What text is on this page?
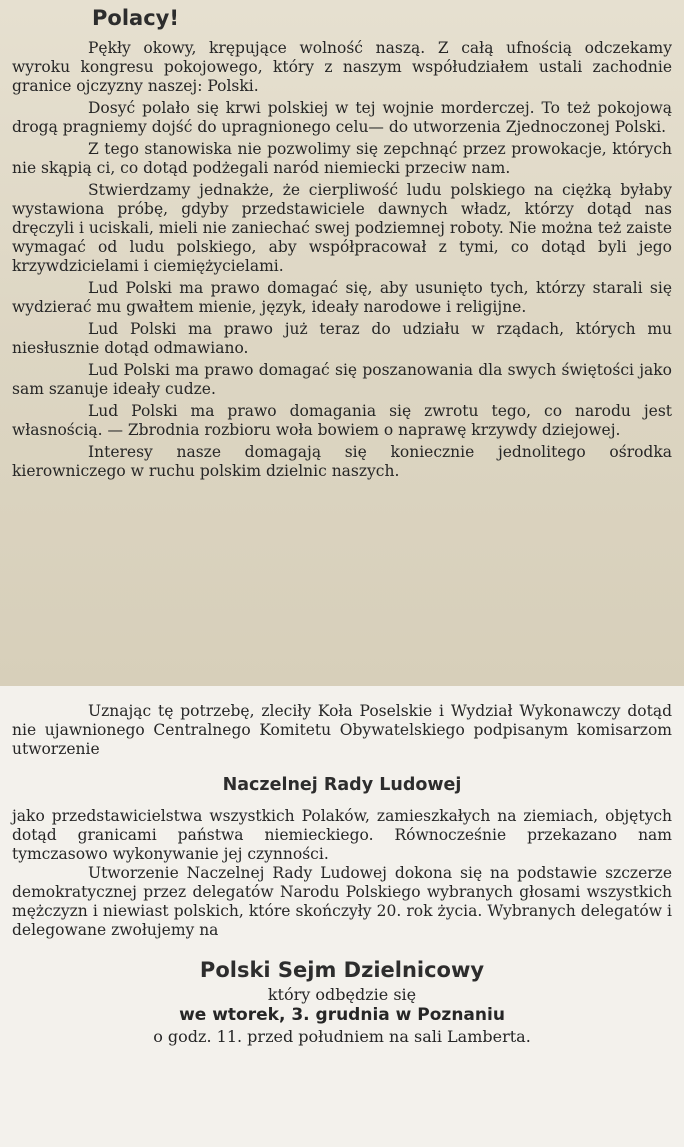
Polacy!

Pękły okowy, krępujące wolność naszą. Z całą ufnością odczekamy wyroku kongresu pokojowego, który z naszym współudziałem ustali zachodnie granice ojczyzny naszej: Polski.

Dosyć polało się krwi polskiej w tej wojnie morderczej. To też pokojową drogą pragniemy dojść do upragnionego celu— do utworzenia Zjednoczonej Polski.

Z tego stanowiska nie pozwolimy się zepchnąć przez prowokacje, których nie skąpią ci, co dotąd podżegali naród niemiecki przeciw nam.

Stwierdzamy jednakże, że cierpliwość ludu polskiego na ciężką byłaby wystawiona próbę, gdyby przedstawiciele dawnych władz, którzy dotąd nas dręczyli i uciskali, mieli nie zaniechać swej podziemnej roboty. Nie można też zaiste wymagać od ludu polskiego, aby współpracował z tymi, co dotąd byli jego krzywdzicielami i ciemiężycielami.

Lud Polski ma prawo domagać się, aby usunięto tych, którzy starali się wydzierać mu gwałtem mienie, język, ideały narodowe i religijne.

Lud Polski ma prawo już teraz do udziału w rządach, których mu niesłusznie dotąd odmawiano.

Lud Polski ma prawo domagać się poszanowania dla swych świętości jako sam szanuje ideały cudze.

Lud Polski ma prawo domagania się zwrotu tego, co narodu jest własnością. — Zbrodnia rozbioru woła bowiem o naprawę krzywdy dziejowej.

Interesy nasze domagają się koniecznie jednolitego ośrodka kierowniczego w ruchu polskim dzielnic naszych.

Uznając tę potrzebę, zleciły Koła Poselskie i Wydział Wykonawczy dotąd nie ujawnionego Centralnego Komitetu Obywatelskiego podpisanym komisarzom utworzenie

Naczelnej Rady Ludowej

jako przedstawicielstwa wszystkich Polaków, zamieszkałych na ziemiach, objętych dotąd granicami państwa niemieckiego. Równocześnie przekazano nam tymczasowo wykonywanie jej czynności.

Utworzenie Naczelnej Rady Ludowej dokona się na podstawie szczerze demokratycznej przez delegatów Narodu Polskiego wybranych głosami wszystkich mężczyzn i niewiast polskich, które skończyły 20. rok życia. Wybranych delegatów i delegowane zwołujemy na

Polski Sejm Dzielnicowy
który odbędzie się
we wtorek, 3. grudnia w Poznaniu
o godz. 11. przed południem na sali Lamberta.
